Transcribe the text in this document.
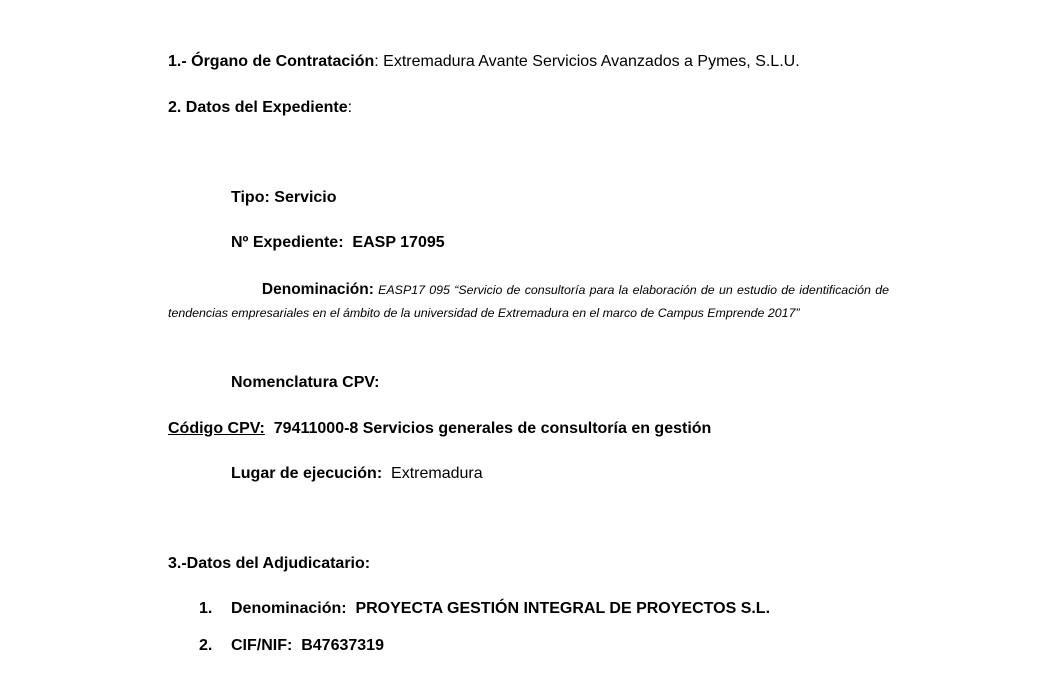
1.- Órgano de Contratación: Extremadura Avante Servicios Avanzados a Pymes, S.L.U.
2. Datos del Expediente:
Tipo: Servicio
Nº Expediente: EASP 17095
Denominación: EASP17 095 “Servicio de consultoría para la elaboración de un estudio de identificación de tendencias empresariales en el ámbito de la universidad de Extremadura en el marco de Campus Emprende 2017”
Nomenclatura CPV:
Código CPV: 79411000-8 Servicios generales de consultoría en gestión
Lugar de ejecución: Extremadura
3.-Datos del Adjudicatario:
1. Denominación: PROYECTA GESTIÓN INTEGRAL DE PROYECTOS S.L.
2. CIF/NIF: B47637319
